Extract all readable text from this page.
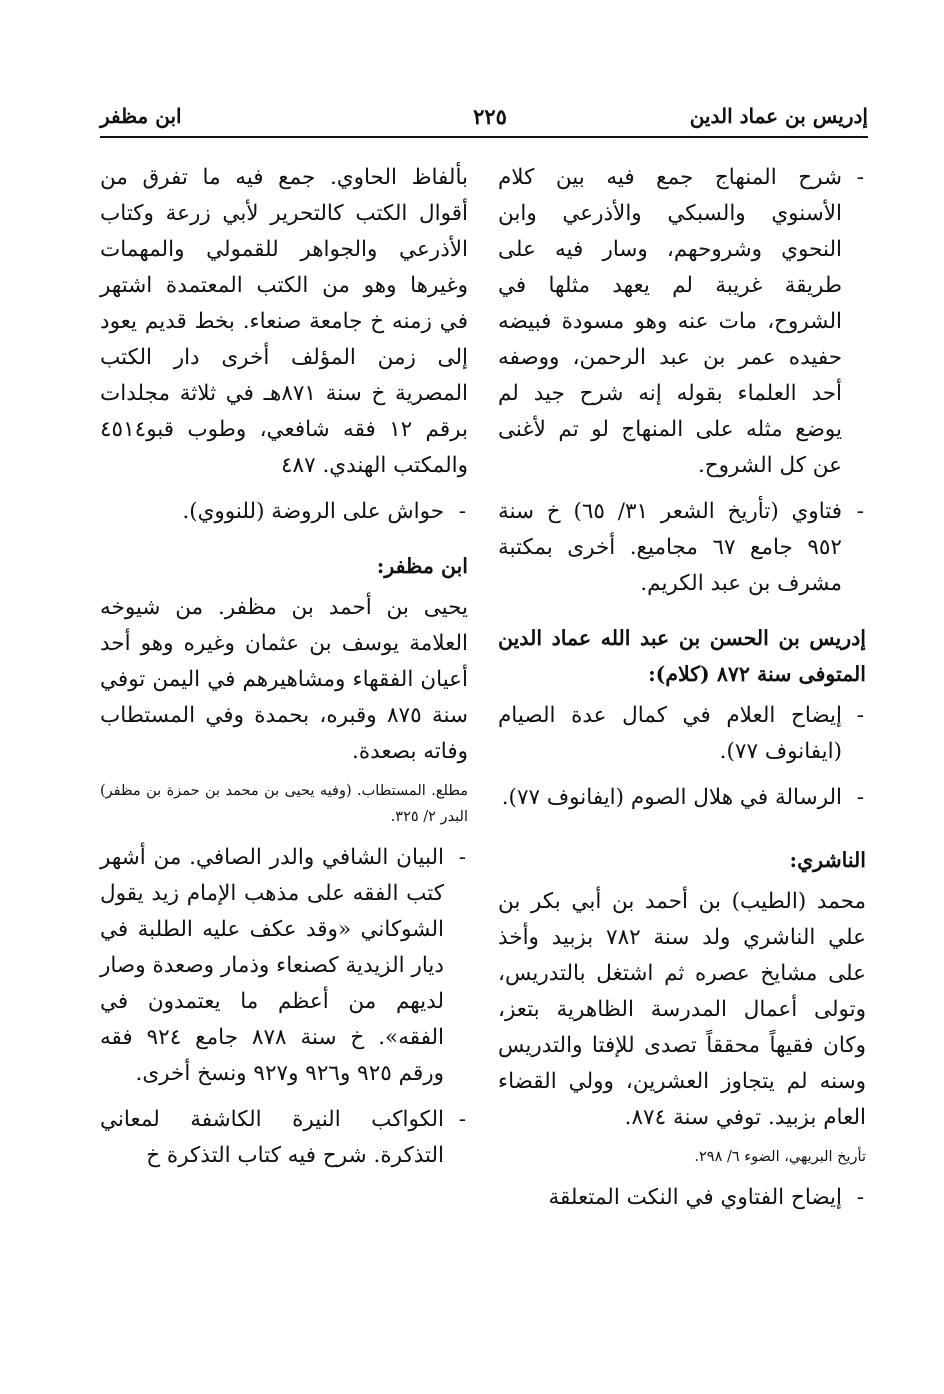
إدريس بن عماد الدين
٢٢٥
ابن مظفر

-
شرح المنهاج جمع فيه بين كلام الأسنوي والسبكي والأذرعي وابن النحوي وشروحهم، وسار فيه على طريقة غريبة لم يعهد مثلها في الشروح، مات عنه وهو مسودة فبيضه حفيده عمر بن عبد الرحمن، ووصفه أحد العلماء بقوله إنه شرح جيد لم يوضع مثله على المنهاج لو تم لأغنى عن كل الشروح.

-
فتاوي (تأريخ الشعر ٣١/ ٦٥) خ سنة ٩٥٢ جامع ٦٧ مجاميع. أخرى بمكتبة مشرف بن عبد الكريم.

إدريس بن الحسن بن عبد الله عماد الدين المتوفى سنة ٨٧٢ (كلام):

-
إيضاح العلام في كمال عدة الصيام (ايفانوف ٧٧).

-
الرسالة في هلال الصوم (ايفانوف ٧٧).

الناشري:

محمد (الطيب) بن أحمد بن أبي بكر بن علي الناشري ولد سنة ٧٨٢ بزبيد وأخذ على مشايخ عصره ثم اشتغل بالتدريس، وتولى أعمال المدرسة الظاهرية بتعز، وكان فقيهاً محققاً تصدى للإفتا والتدريس وسنه لم يتجاوز العشرين، وولي القضاء العام بزبيد. توفي سنة ٨٧٤.

تأريخ البريهي، الضوء ٦/ ٢٩٨.

-
إيضاح الفتاوي في النكت المتعلقة

بألفاظ الحاوي. جمع فيه ما تفرق من أقوال الكتب كالتحرير لأبي زرعة وكتاب الأذرعي والجواهر للقمولي والمهمات وغيرها وهو من الكتب المعتمدة اشتهر في زمنه خ جامعة صنعاء. بخط قديم يعود إلى زمن المؤلف أخرى دار الكتب المصرية خ سنة ٨٧١هـ في ثلاثة مجلدات برقم ١٢ فقه شافعي، وطوب قبو٤٥١٤ والمكتب الهندي. ٤٨٧

-
حواش على الروضة (للنووي).

ابن مظفر:

يحيى بن أحمد بن مظفر. من شيوخه العلامة يوسف بن عثمان وغيره وهو أحد أعيان الفقهاء ومشاهيرهم في اليمن توفي سنة ٨٧٥ وقبره، بحمدة وفي المستطاب وفاته بصعدة.

مطلع. المستطاب. (وفيه يحيى بن محمد بن حمزة بن مظفر) البدر ٢/ ٣٢٥.

-
البيان الشافي والدر الصافي. من أشهر كتب الفقه على مذهب الإمام زيد يقول الشوكاني «وقد عكف عليه الطلبة في ديار الزيدية كصنعاء وذمار وصعدة وصار لديهم من أعظم ما يعتمدون في الفقه». خ سنة ٨٧٨ جامع ٩٢٤ فقه ورقم ٩٢٥ و٩٢٦ و٩٢٧ ونسخ أخرى.

-
الكواكب النيرة الكاشفة لمعاني التذكرة. شرح فيه كتاب التذكرة خ
